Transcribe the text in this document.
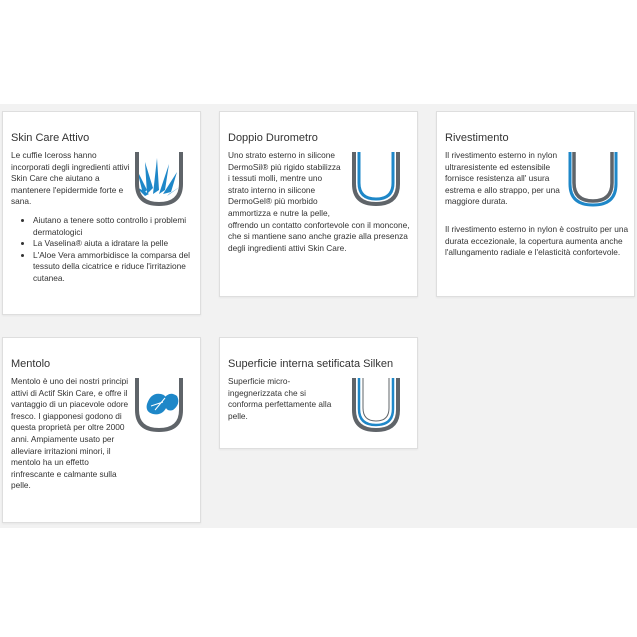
Skin Care Attivo
Le cuffie Iceross hanno incorporati degli ingredienti attivi Skin Care che aiutano a mantenere l'epidermide forte e sana.
• Aiutano a tenere sotto controllo i problemi dermatologici
• La Vaselina® aiuta a idratare la pelle
• L'Aloe Vera ammorbidisce la comparsa del tessuto della cicatrice e riduce l'irritazione cutanea.
Doppio Durometro
Uno strato esterno in silicone DermoSil® più rigido stabilizza i tessuti molli, mentre uno strato interno in silicone DermoGel® più morbido ammortizza e nutre la pelle, offrendo un contatto confortevole con il moncone, che si mantiene sano anche grazie alla presenza degli ingredienti attivi Skin Care.
Rivestimento
Il rivestimento esterno in nylon ultraresistente ed estensibile fornisce resistenza all' usura estrema e allo strappo, per una maggiore durata.
Il rivestimento esterno in nylon è costruito per una durata eccezionale, la copertura aumenta anche l'allungamento radiale e l'elasticità confortevole.
Mentolo
Mentolo è uno dei nostri principi attivi di Actif Skin Care, e offre il vantaggio di un piacevole odore fresco. I giapponesi godono di questa proprietà per oltre 2000 anni. Ampiamente usato per alleviare irritazioni minori, il mentolo ha un effetto rinfrescante e calmante sulla pelle.
Superficie interna setificata Silken
Superficie micro-ingegnerizzata che si conforma perfettamente alla pelle.
